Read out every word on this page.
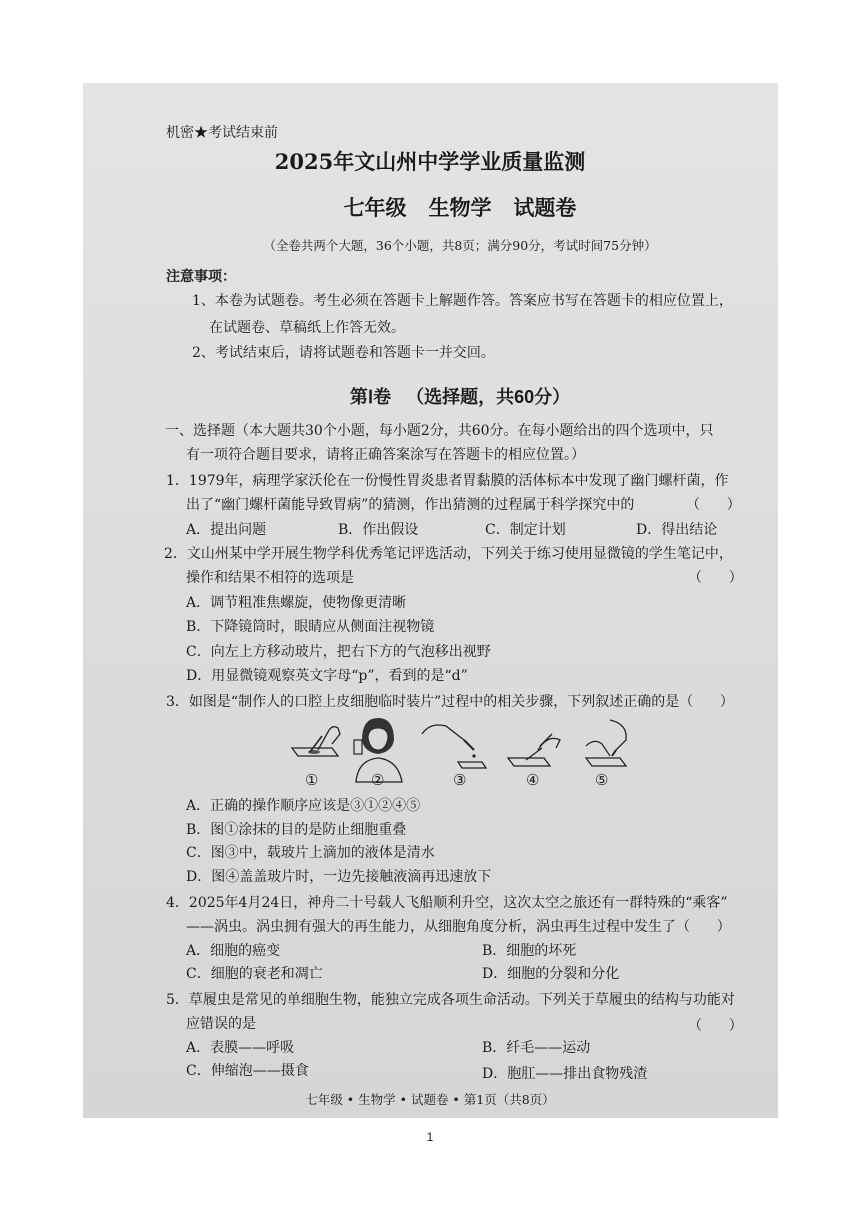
机密★考试结束前
2025年文山州中学学业质量监测
七年级   生物学   试题卷
（全卷共两个大题，36个小题，共8页；满分90分，考试时间75分钟）
注意事项：
1、本卷为试题卷。考生必须在答题卡上解题作答。答案应书写在答题卡的相应位置上，
在试题卷、草稿纸上作答无效。
2、考试结束后，请将试题卷和答题卡一并交回。
第Ⅰ卷   （选择题，共60分）
一、选择题（本大题共30个小题，每小题2分，共60分。在每小题给出的四个选项中，只
有一项符合题目要求，请将正确答案涂写在答题卡的相应位置。）
1．1979年，病理学家沃伦在一份慢性胃炎患者胃黏膜的活体标本中发现了幽门螺杆菌，作
出了“幽门螺杆菌能导致胃病”的猜测，作出猜测的过程属于科学探究中的	（      ）
A．提出问题	B．作出假设	C．制定计划	D．得出结论
2．文山州某中学开展生物学科优秀笔记评选活动，下列关于练习使用显微镜的学生笔记中，
操作和结果不相符的选项是	（      ）
A．调节粗准焦螺旋，使物像更清晰
B．下降镜筒时，眼睛应从侧面注视物镜
C．向左上方移动玻片，把右下方的气泡移出视野
D．用显微镜观察英文字母“p”，看到的是“d”
3．如图是“制作人的口腔上皮细胞临时装片”过程中的相关步骤，下列叙述正确的是（      ）
①	②	③	④	⑤
A．正确的操作顺序应该是③①②④⑤
B．图①涂抹的目的是防止细胞重叠
C．图③中，载玻片上滴加的液体是清水
D．图④盖盖玻片时，一边先接触液滴再迅速放下
4．2025年4月24日，神舟二十号载人飞船顺利升空，这次太空之旅还有一群特殊的“乘客”
——涡虫。涡虫拥有强大的再生能力，从细胞角度分析，涡虫再生过程中发生了（      ）
A．细胞的癌变	B．细胞的坏死
C．细胞的衰老和凋亡	D．细胞的分裂和分化
5．草履虫是常见的单细胞生物，能独立完成各项生命活动。下列关于草履虫的结构与功能对
应错误的是	（      ）
A．表膜——呼吸	B．纤毛——运动
C．伸缩泡——摄食	D．胞肛——排出食物残渣
七年级 • 生物学 • 试题卷 • 第1页（共8页）
1
